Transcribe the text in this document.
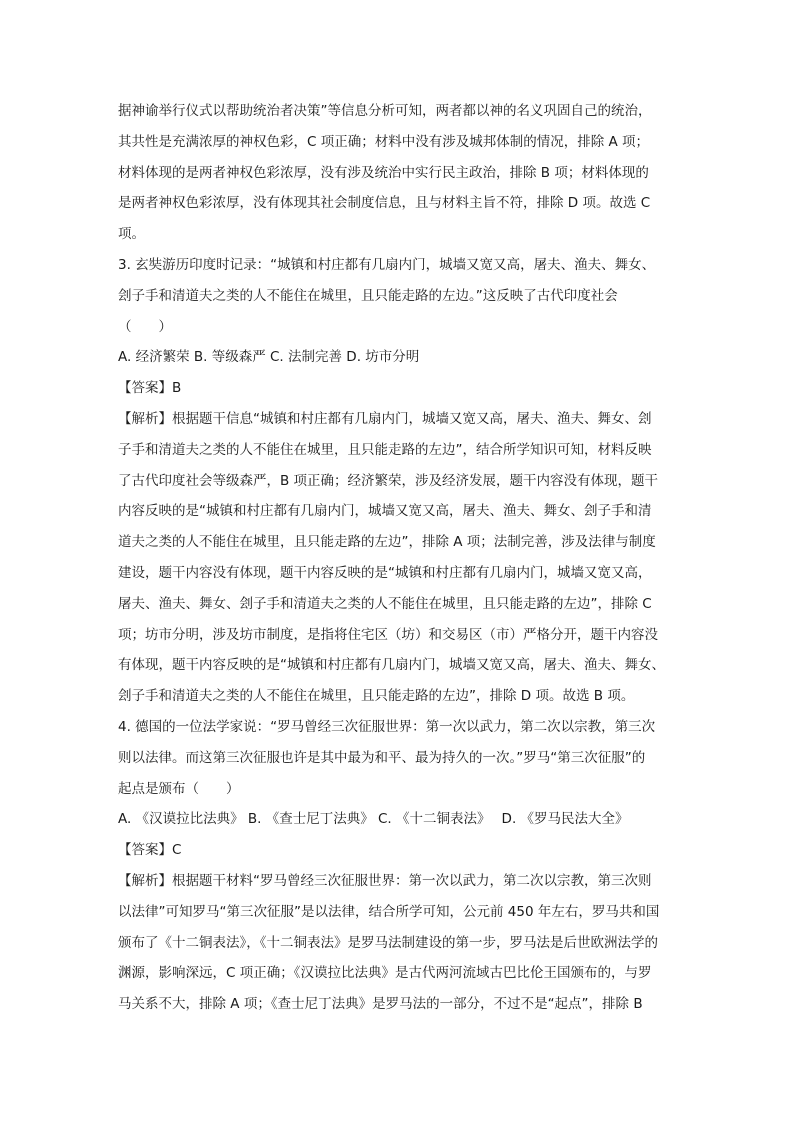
据神谕举行仪式以帮助统治者决策”等信息分析可知，两者都以神的名义巩固自己的统治，
其共性是充满浓厚的神权色彩，C 项正确；材料中没有涉及城邦体制的情况，排除 A 项；
材料体现的是两者神权色彩浓厚，没有涉及统治中实行民主政治，排除 B 项；材料体现的
是两者神权色彩浓厚，没有体现其社会制度信息，且与材料主旨不符，排除 D 项。故选 C
项。
3. 玄奘游历印度时记录：“城镇和村庄都有几扇内门，城墙又宽又高，屠夫、渔夫、舞女、
刽子手和清道夫之类的人不能住在城里，且只能走路的左边。”这反映了古代印度社会
（　　）
A. 经济繁荣 B. 等级森严 C. 法制完善 D. 坊市分明
【答案】B
【解析】根据题干信息“城镇和村庄都有几扇内门，城墙又宽又高，屠夫、渔夫、舞女、刽
子手和清道夫之类的人不能住在城里，且只能走路的左边”，结合所学知识可知，材料反映
了古代印度社会等级森严，B 项正确；经济繁荣，涉及经济发展，题干内容没有体现，题干
内容反映的是“城镇和村庄都有几扇内门，城墙又宽又高，屠夫、渔夫、舞女、刽子手和清
道夫之类的人不能住在城里，且只能走路的左边”，排除 A 项；法制完善，涉及法律与制度
建设，题干内容没有体现，题干内容反映的是“城镇和村庄都有几扇内门，城墙又宽又高，
屠夫、渔夫、舞女、刽子手和清道夫之类的人不能住在城里，且只能走路的左边”，排除 C
项；坊市分明，涉及坊市制度，是指将住宅区（坊）和交易区（市）严格分开，题干内容没
有体现，题干内容反映的是“城镇和村庄都有几扇内门，城墙又宽又高，屠夫、渔夫、舞女、
刽子手和清道夫之类的人不能住在城里，且只能走路的左边”，排除 D 项。故选 B 项。
4. 德国的一位法学家说：“罗马曾经三次征服世界：第一次以武力，第二次以宗教，第三次
则以法律。而这第三次征服也许是其中最为和平、最为持久的一次。”罗马“第三次征服”的
起点是颁布（　　）
A. 《汉谟拉比法典》 B. 《查士尼丁法典》 C. 《十二铜表法》　 D. 《罗马民法大全》
【答案】C
【解析】根据题干材料“罗马曾经三次征服世界：第一次以武力，第二次以宗教，第三次则
以法律”可知罗马“第三次征服”是以法律，结合所学可知，公元前 450 年左右，罗马共和国
颁布了《十二铜表法》，《十二铜表法》是罗马法制建设的第一步，罗马法是后世欧洲法学的
渊源，影响深远，C 项正确；《汉谟拉比法典》是古代两河流域古巴比伦王国颁布的，与罗
马关系不大，排除 A 项；《查士尼丁法典》是罗马法的一部分，不过不是“起点”，排除 B
